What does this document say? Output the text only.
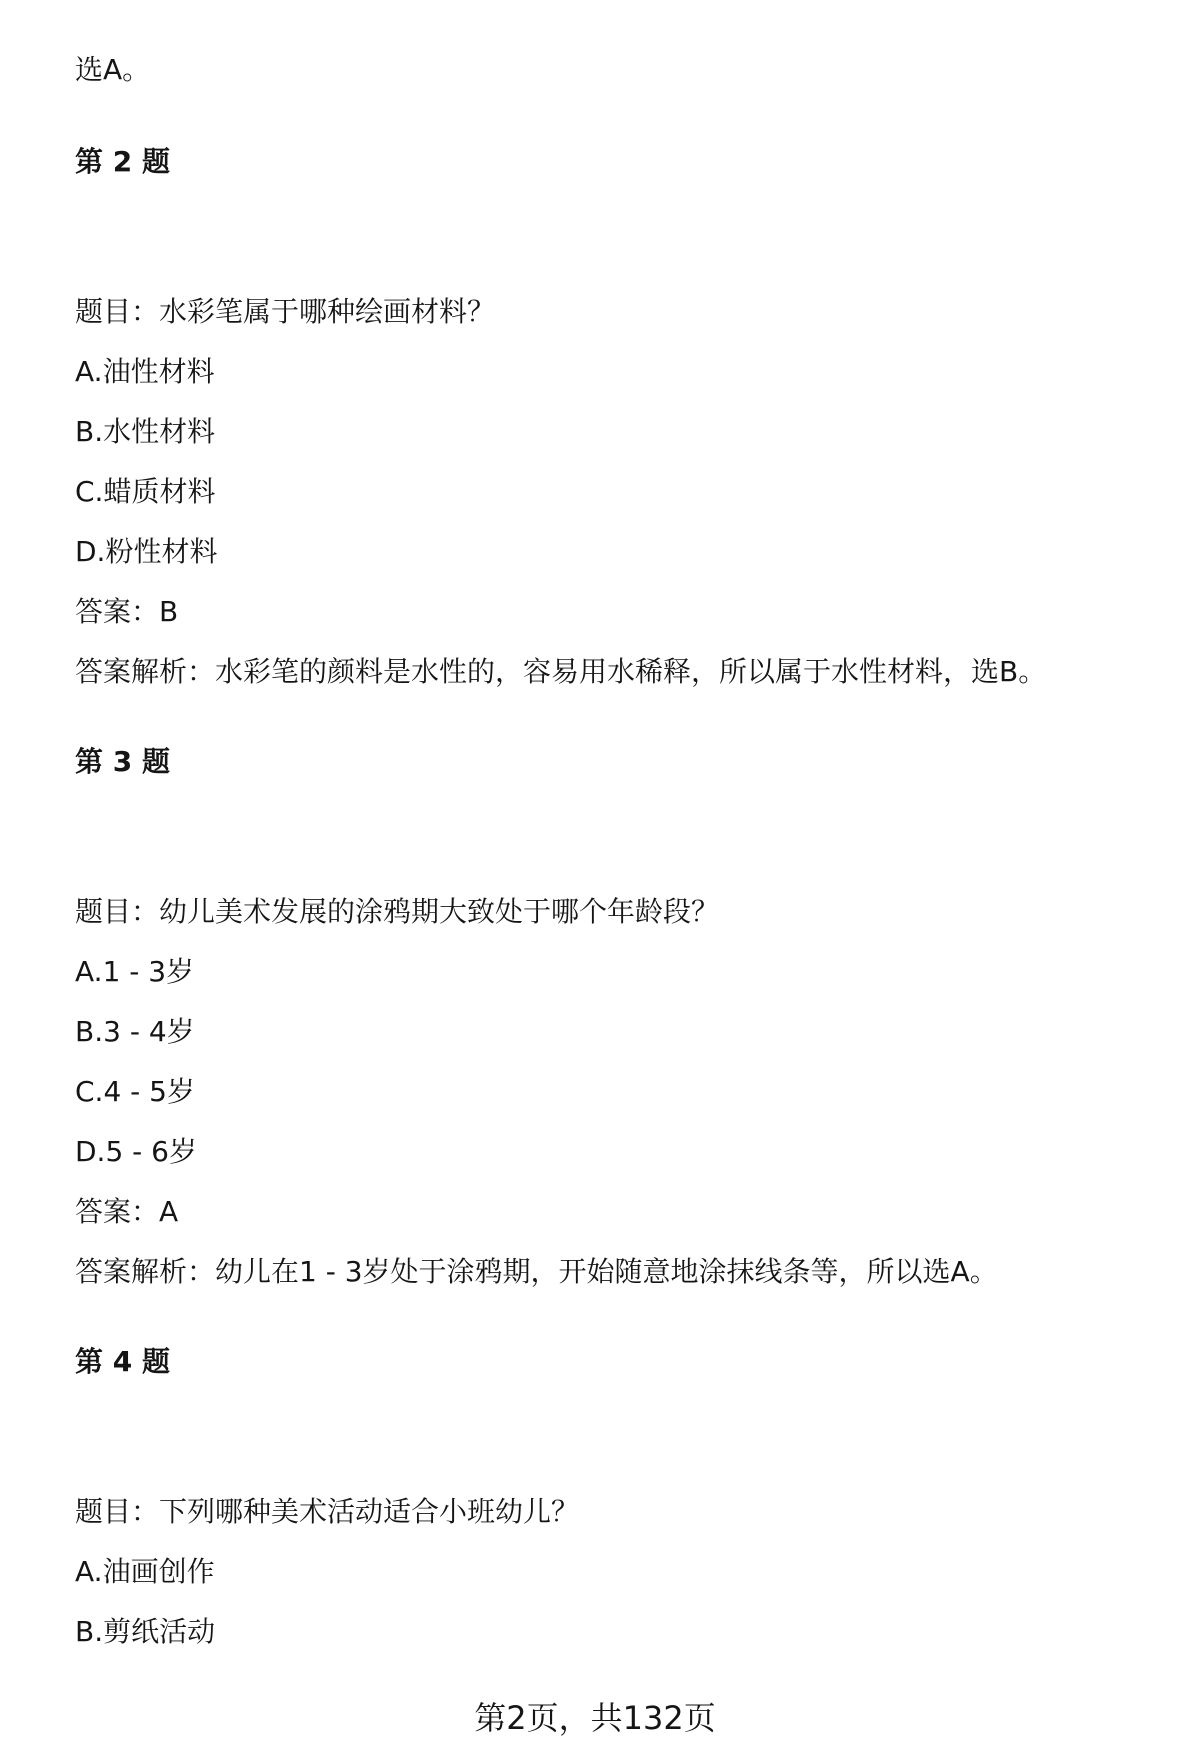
选A。
第 2 题
题目：水彩笔属于哪种绘画材料？
A.油性材料
B.水性材料
C.蜡质材料
D.粉性材料
答案：B
答案解析：水彩笔的颜料是水性的，容易用水稀释，所以属于水性材料，选B。
第 3 题
题目：幼儿美术发展的涂鸦期大致处于哪个年龄段？
A.1 - 3岁
B.3 - 4岁
C.4 - 5岁
D.5 - 6岁
答案：A
答案解析：幼儿在1 - 3岁处于涂鸦期，开始随意地涂抹线条等，所以选A。
第 4 题
题目：下列哪种美术活动适合小班幼儿？
A.油画创作
B.剪纸活动
第2页，共132页
